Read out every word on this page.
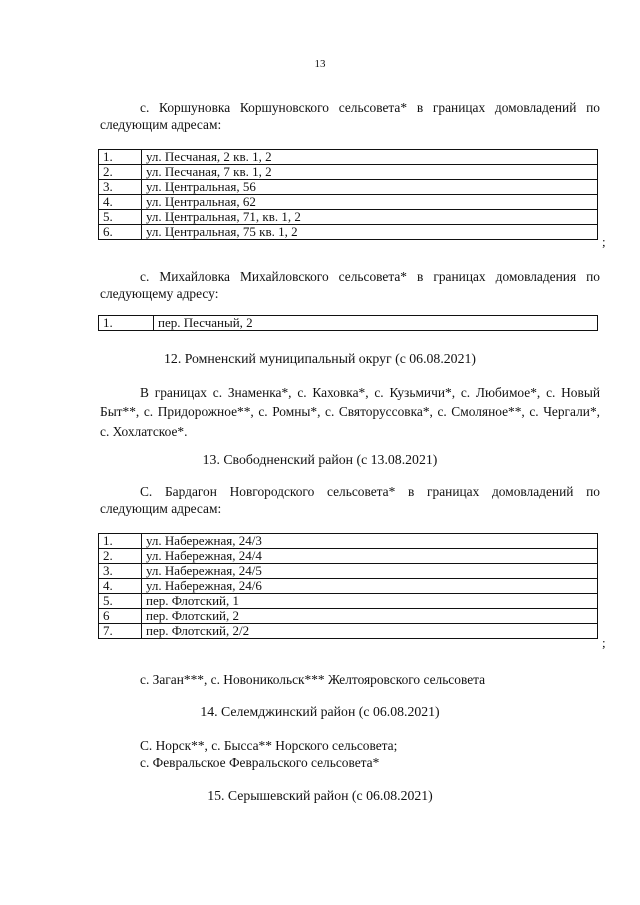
13
с. Коршуновка Коршуновского сельсовета* в границах домовладений по следующим адресам:
1.	ул. Песчаная, 2 кв. 1, 2
2.	ул. Песчаная, 7 кв. 1, 2
3.	ул. Центральная, 56
4.	ул. Центральная, 62
5.	ул. Центральная, 71, кв. 1, 2
6.	ул. Центральная, 75 кв. 1, 2
;
с. Михайловка Михайловского сельсовета* в границах домовладения по следующему адресу:
1.	пер. Песчаный, 2
12. Ромненский муниципальный округ (с 06.08.2021)
В границах с. Знаменка*, с. Каховка*, с. Кузьмичи*, с. Любимое*, с. Новый Быт**, с. Придорожное**, с. Ромны*, с. Святоруссовка*, с. Смоляное**, с. Чергали*, с. Хохлатское*.
13. Свободненский район (с 13.08.2021)
С. Бардагон Новгородского сельсовета* в границах домовладений по следующим адресам:
1.	ул. Набережная, 24/3
2.	ул. Набережная, 24/4
3.	ул. Набережная, 24/5
4.	ул. Набережная, 24/6
5.	пер. Флотский, 1
6	пер. Флотский, 2
7.	пер. Флотский, 2/2
;
с. Заган***, с. Новоникольск*** Желтояровского сельсовета
14. Селемджинский район (с 06.08.2021)
С. Норск**, с. Бысса** Норского сельсовета;
с. Февральское Февральского сельсовета*
15. Серышевский район (с 06.08.2021)
